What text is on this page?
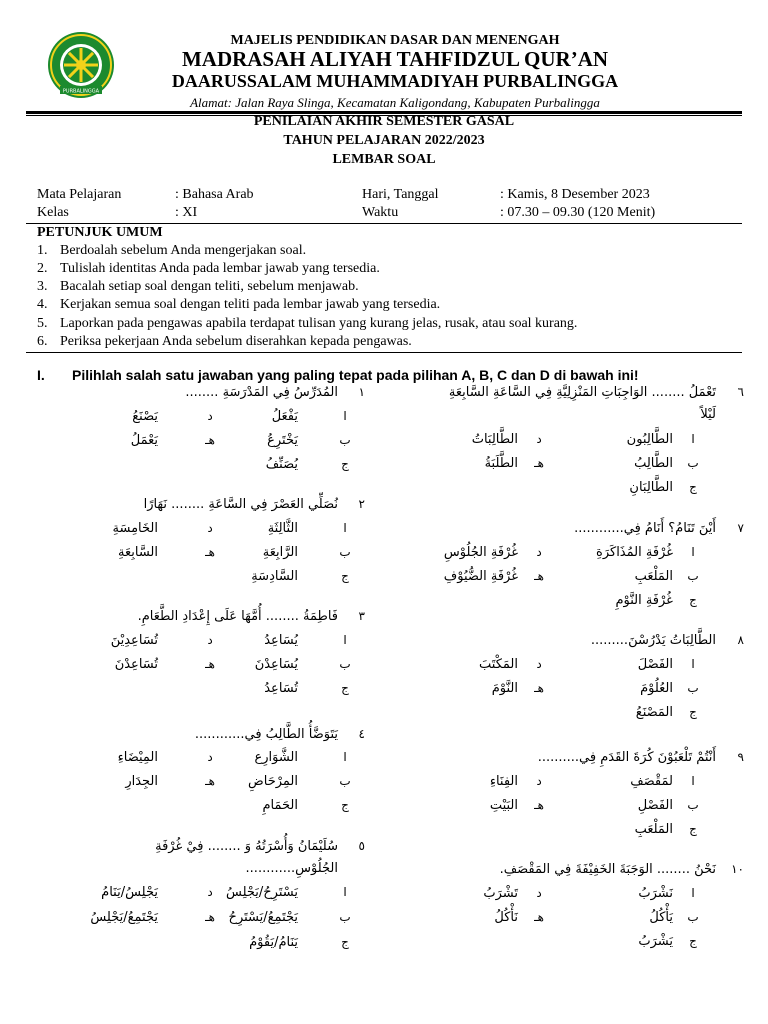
PURBALINGGA
MAJELIS PENDIDIKAN DASAR DAN MENENGAH
MADRASAH ALIYAH TAHFIDZUL QUR’AN
DAARUSSALAM MUHAMMADIYAH PURBALINGGA
Alamat: Jalan Raya Slinga, Kecamatan Kaligondang, Kabupaten Purbalingga
PENILAIAN AKHIR SEMESTER GASAL
TAHUN PELAJARAN 2022/2023
LEMBAR SOAL
Mata Pelajaran	: Bahasa Arab	Hari, Tanggal	: Kamis, 8 Desember 2023
Kelas	: XI	Waktu	: 07.30 – 09.30 (120 Menit)
PETUNJUK UMUM
1. Berdoalah sebelum Anda mengerjakan soal.
2. Tulislah identitas Anda pada lembar jawab yang tersedia.
3. Bacalah setiap soal dengan teliti, sebelum menjawab.
4. Kerjakan semua soal dengan teliti pada lembar jawab yang tersedia.
5. Laporkan pada pengawas apabila terdapat tulisan yang kurang jelas, rusak, atau soal kurang.
6. Periksa pekerjaan Anda sebelum diserahkan kepada pengawas.
I. Pilihlah salah satu jawaban yang paling tepat pada pilihan A, B, C dan D di bawah ini!
١
المُدَرِّسُ فِي المَدْرَسَةِ ........
ا
يَفْعَلُ
د
يَصْنَعُ
ب
يَخْتَرِعُ
هـ
يَعْمَلُ
ج
يُصَنِّفُ
٢
نُصَلِّي العَصْرَ فِي السَّاعَةِ ........ نَهَارًا
ا
الثَّالِثَةِ
د
الخَامِسَةِ
ب
الرَّابِعَةِ
هـ
السَّابِعَةِ
ج
السَّادِسَةِ
٣
فَاطِمَةُ ........ أُمَّهَا عَلَى إِعْدَادِ الطَّعَامِ.
ا
يُسَاعِدُ
د
تُسَاعِدِيْنَ
ب
يُسَاعِدْنَ
هـ
تُسَاعِدْنَ
ج
تُسَاعِدُ
٤
يَتَوَضَّأُ الطَّالِبُ فِي............
ا
الشَّوَارِع
د
المِيْضَاءِ
ب
المِرْحَاضِ
هـ
الجِدَارِ
ج
الحَمَامِ
٥
سُلَيْمَانُ وَأُسْرَتُهُ وَ ........ فِيْ غُرْفَةِ
الجُلُوْسِ............
ا
يَسْتَرِحُ/يَجْلِسُ
د
يَجْلِسُ/يَنَامُ
ب
يَجْتَمِعُ/يَسْتَرِحُ
هـ
يَجْتَمِعُ/يَجْلِسُ
ج
يَنَامُ/يَقُوْمُ
٦
تَعْمَلُ ........ الوَاجِبَاتِ المَنْزِلِيَّةِ فِي السَّاعَةِ السَّابِعَةِ
لَيْلاً
ا
الطَّالِبُون
د
الطَّالِبَاتُ
ب
الطَّالِبُ
هـ
الطَّلَبَةُ
ج
الطَّالِبَانِ
٧
أَيْنَ تَنَامُ؟ أَنَامُ فِي............
ا
غُرْفَةِ المُذَاكَرَةِ
د
غُرْفَةِ الجُلُوْسِ
ب
المَلْعَبِ
هـ
غُرْفَةِ الضُّيُوْفِ
ج
غُرْفَةِ النَّوْمِ
٨
الطَّالِبَاتُ يَدْرُسْنَ.........
ا
الفَصْلَ
د
المَكْتَبَ
ب
العُلُوْمَ
هـ
النَّوْمَ
ج
المَصْنَعُ
٩
أَنْتُمْ تَلْعَبُوْنَ كُرَةَ القَدَمِ فِي..........
ا
لمَقْصَفِ
د
الفِنَاءِ
ب
الفَصْلِ
هـ
البَيْتِ
ج
المَلْعَبِ
١٠
نَحْنُ ........ الوَجَبَةَ الخَفِيْفَةَ فِي المَقْصَفِ.
ا
نَشْرَبُ
د
تَشْرَبُ
ب
يَأْكُلُ
هـ
نَأْكُلُ
ج
يَشْرَبُ
